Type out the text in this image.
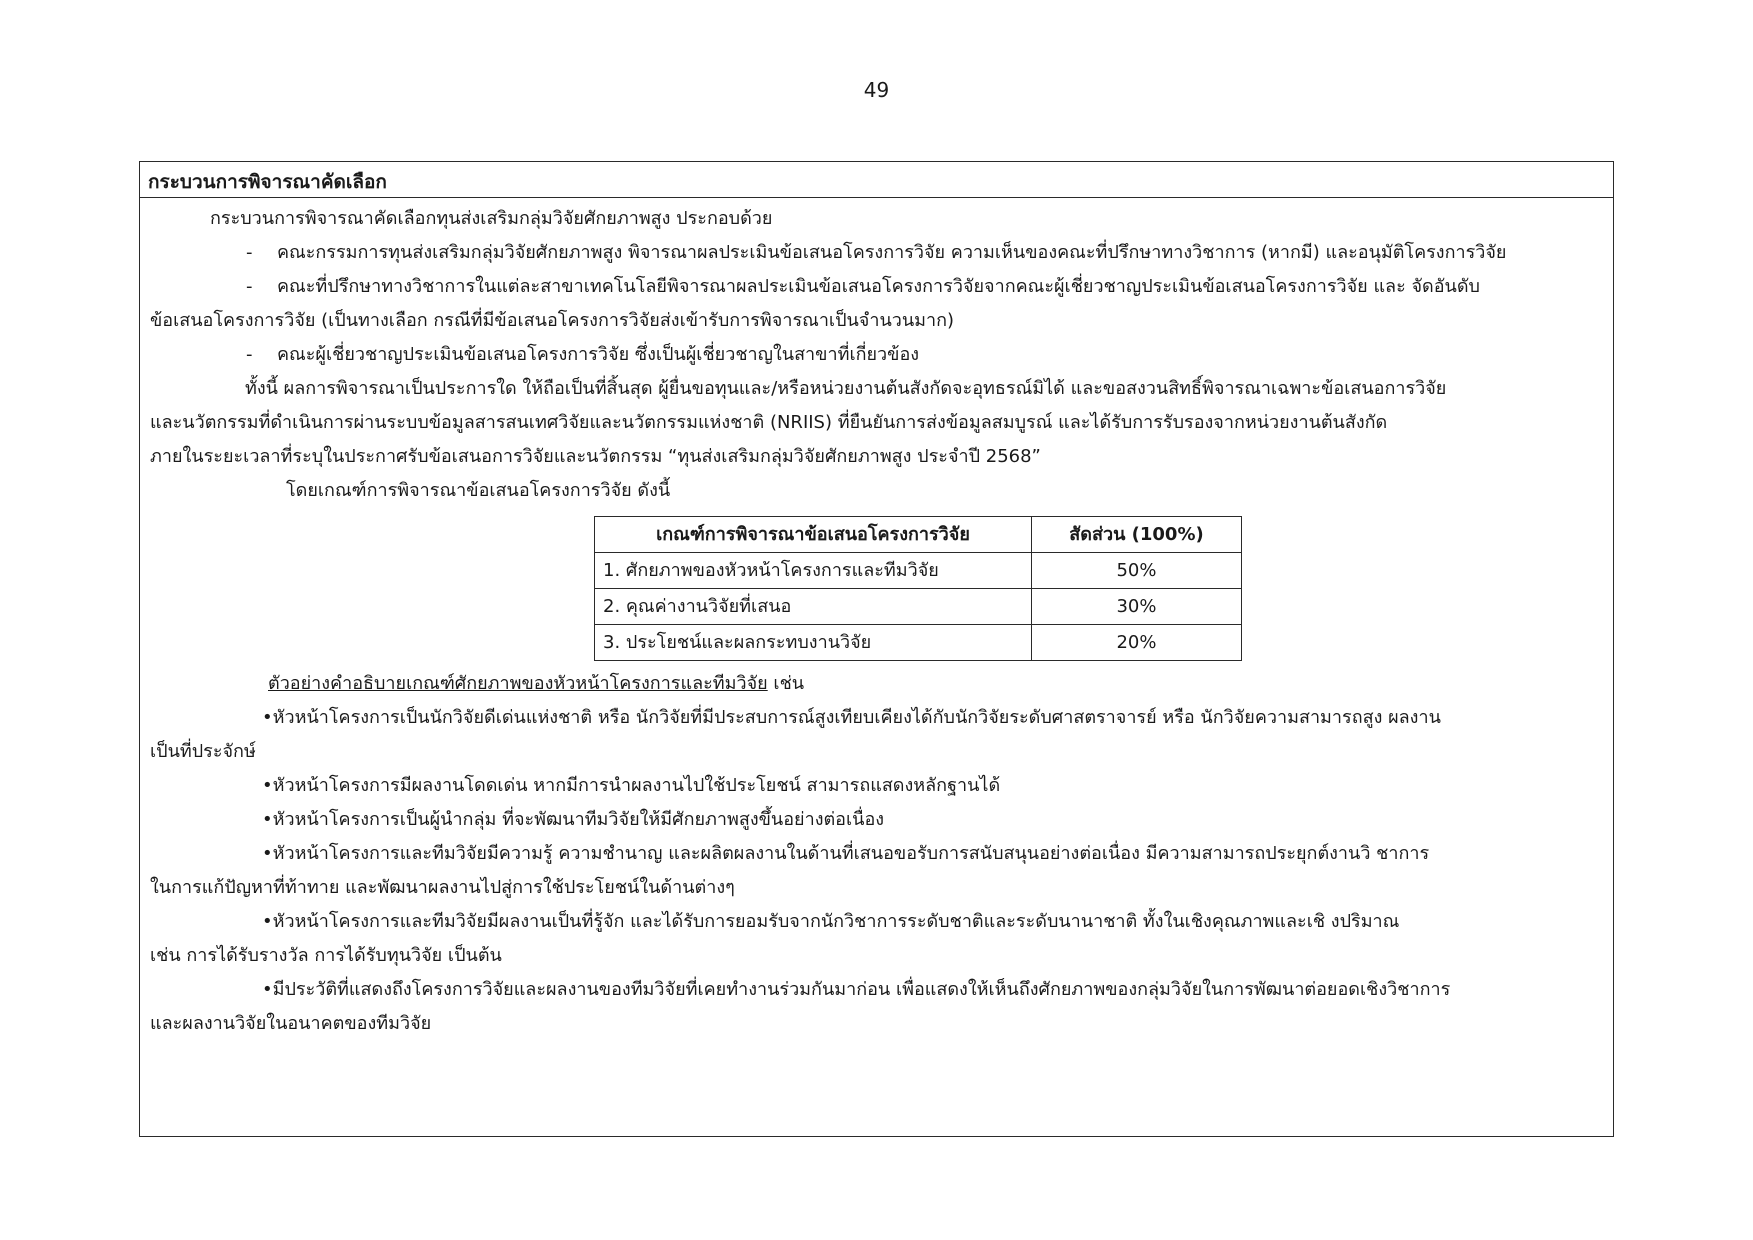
49
กระบวนการพิจารณาคัดเลือก
กระบวนการพิจารณาคัดเลือกทุนส่งเสริมกลุ่มวิจัยศักยภาพสูง ประกอบด้วย
-	คณะกรรมการทุนส่งเสริมกลุ่มวิจัยศักยภาพสูง พิจารณาผลประเมินข้อเสนอโครงการวิจัย ความเห็นของคณะที่ปรึกษาทางวิชาการ (หากมี) และอนุมัติโครงการวิจัย
-	คณะที่ปรึกษาทางวิชาการในแต่ละสาขาเทคโนโลยีพิจารณาผลประเมินข้อเสนอโครงการวิจัยจากคณะผู้เชี่ยวชาญประเมินข้อเสนอโครงการวิจัย และ จัดอันดับ
ข้อเสนอโครงการวิจัย (เป็นทางเลือก กรณีที่มีข้อเสนอโครงการวิจัยส่งเข้ารับการพิจารณาเป็นจำนวนมาก)
-	คณะผู้เชี่ยวชาญประเมินข้อเสนอโครงการวิจัย ซึ่งเป็นผู้เชี่ยวชาญในสาขาที่เกี่ยวข้อง
ทั้งนี้ ผลการพิจารณาเป็นประการใด ให้ถือเป็นที่สิ้นสุด ผู้ยื่นขอทุนและ/หรือหน่วยงานต้นสังกัดจะอุทธรณ์มิได้ และขอสงวนสิทธิ์พิจารณาเฉพาะข้อเสนอการวิจัย
และนวัตกรรมที่ดำเนินการผ่านระบบข้อมูลสารสนเทศวิจัยและนวัตกรรมแห่งชาติ (NRIIS) ที่ยืนยันการส่งข้อมูลสมบูรณ์ และได้รับการรับรองจากหน่วยงานต้นสังกัด
ภายในระยะเวลาที่ระบุในประกาศรับข้อเสนอการวิจัยและนวัตกรรม “ทุนส่งเสริมกลุ่มวิจัยศักยภาพสูง ประจำปี 2568”
โดยเกณฑ์การพิจารณาข้อเสนอโครงการวิจัย ดังนี้
เกณฑ์การพิจารณาข้อเสนอโครงการวิจัย	สัดส่วน (100%)
1. ศักยภาพของหัวหน้าโครงการและทีมวิจัย	50%
2. คุณค่างานวิจัยที่เสนอ	30%
3. ประโยชน์และผลกระทบงานวิจัย	20%
ตัวอย่างคำอธิบายเกณฑ์ศักยภาพของหัวหน้าโครงการและทีมวิจัย เช่น
•หัวหน้าโครงการเป็นนักวิจัยดีเด่นแห่งชาติ หรือ นักวิจัยที่มีประสบการณ์สูงเทียบเคียงได้กับนักวิจัยระดับศาสตราจารย์ หรือ นักวิจัยความสามารถสูง ผลงาน
เป็นที่ประจักษ์
•หัวหน้าโครงการมีผลงานโดดเด่น หากมีการนำผลงานไปใช้ประโยชน์ สามารถแสดงหลักฐานได้
•หัวหน้าโครงการเป็นผู้นำกลุ่ม ที่จะพัฒนาทีมวิจัยให้มีศักยภาพสูงขึ้นอย่างต่อเนื่อง
•หัวหน้าโครงการและทีมวิจัยมีความรู้ ความชำนาญ และผลิตผลงานในด้านที่เสนอขอรับการสนับสนุนอย่างต่อเนื่อง มีความสามารถประยุกต์งานวิ ชาการ
ในการแก้ปัญหาที่ท้าทาย และพัฒนาผลงานไปสู่การใช้ประโยชน์ในด้านต่างๆ
•หัวหน้าโครงการและทีมวิจัยมีผลงานเป็นที่รู้จัก และได้รับการยอมรับจากนักวิชาการระดับชาติและระดับนานาชาติ ทั้งในเชิงคุณภาพและเชิ งปริมาณ
เช่น การได้รับรางวัล การได้รับทุนวิจัย เป็นต้น
•มีประวัติที่แสดงถึงโครงการวิจัยและผลงานของทีมวิจัยที่เคยทำงานร่วมกันมาก่อน เพื่อแสดงให้เห็นถึงศักยภาพของกลุ่มวิจัยในการพัฒนาต่อยอดเชิงวิชาการ
และผลงานวิจัยในอนาคตของทีมวิจัย
